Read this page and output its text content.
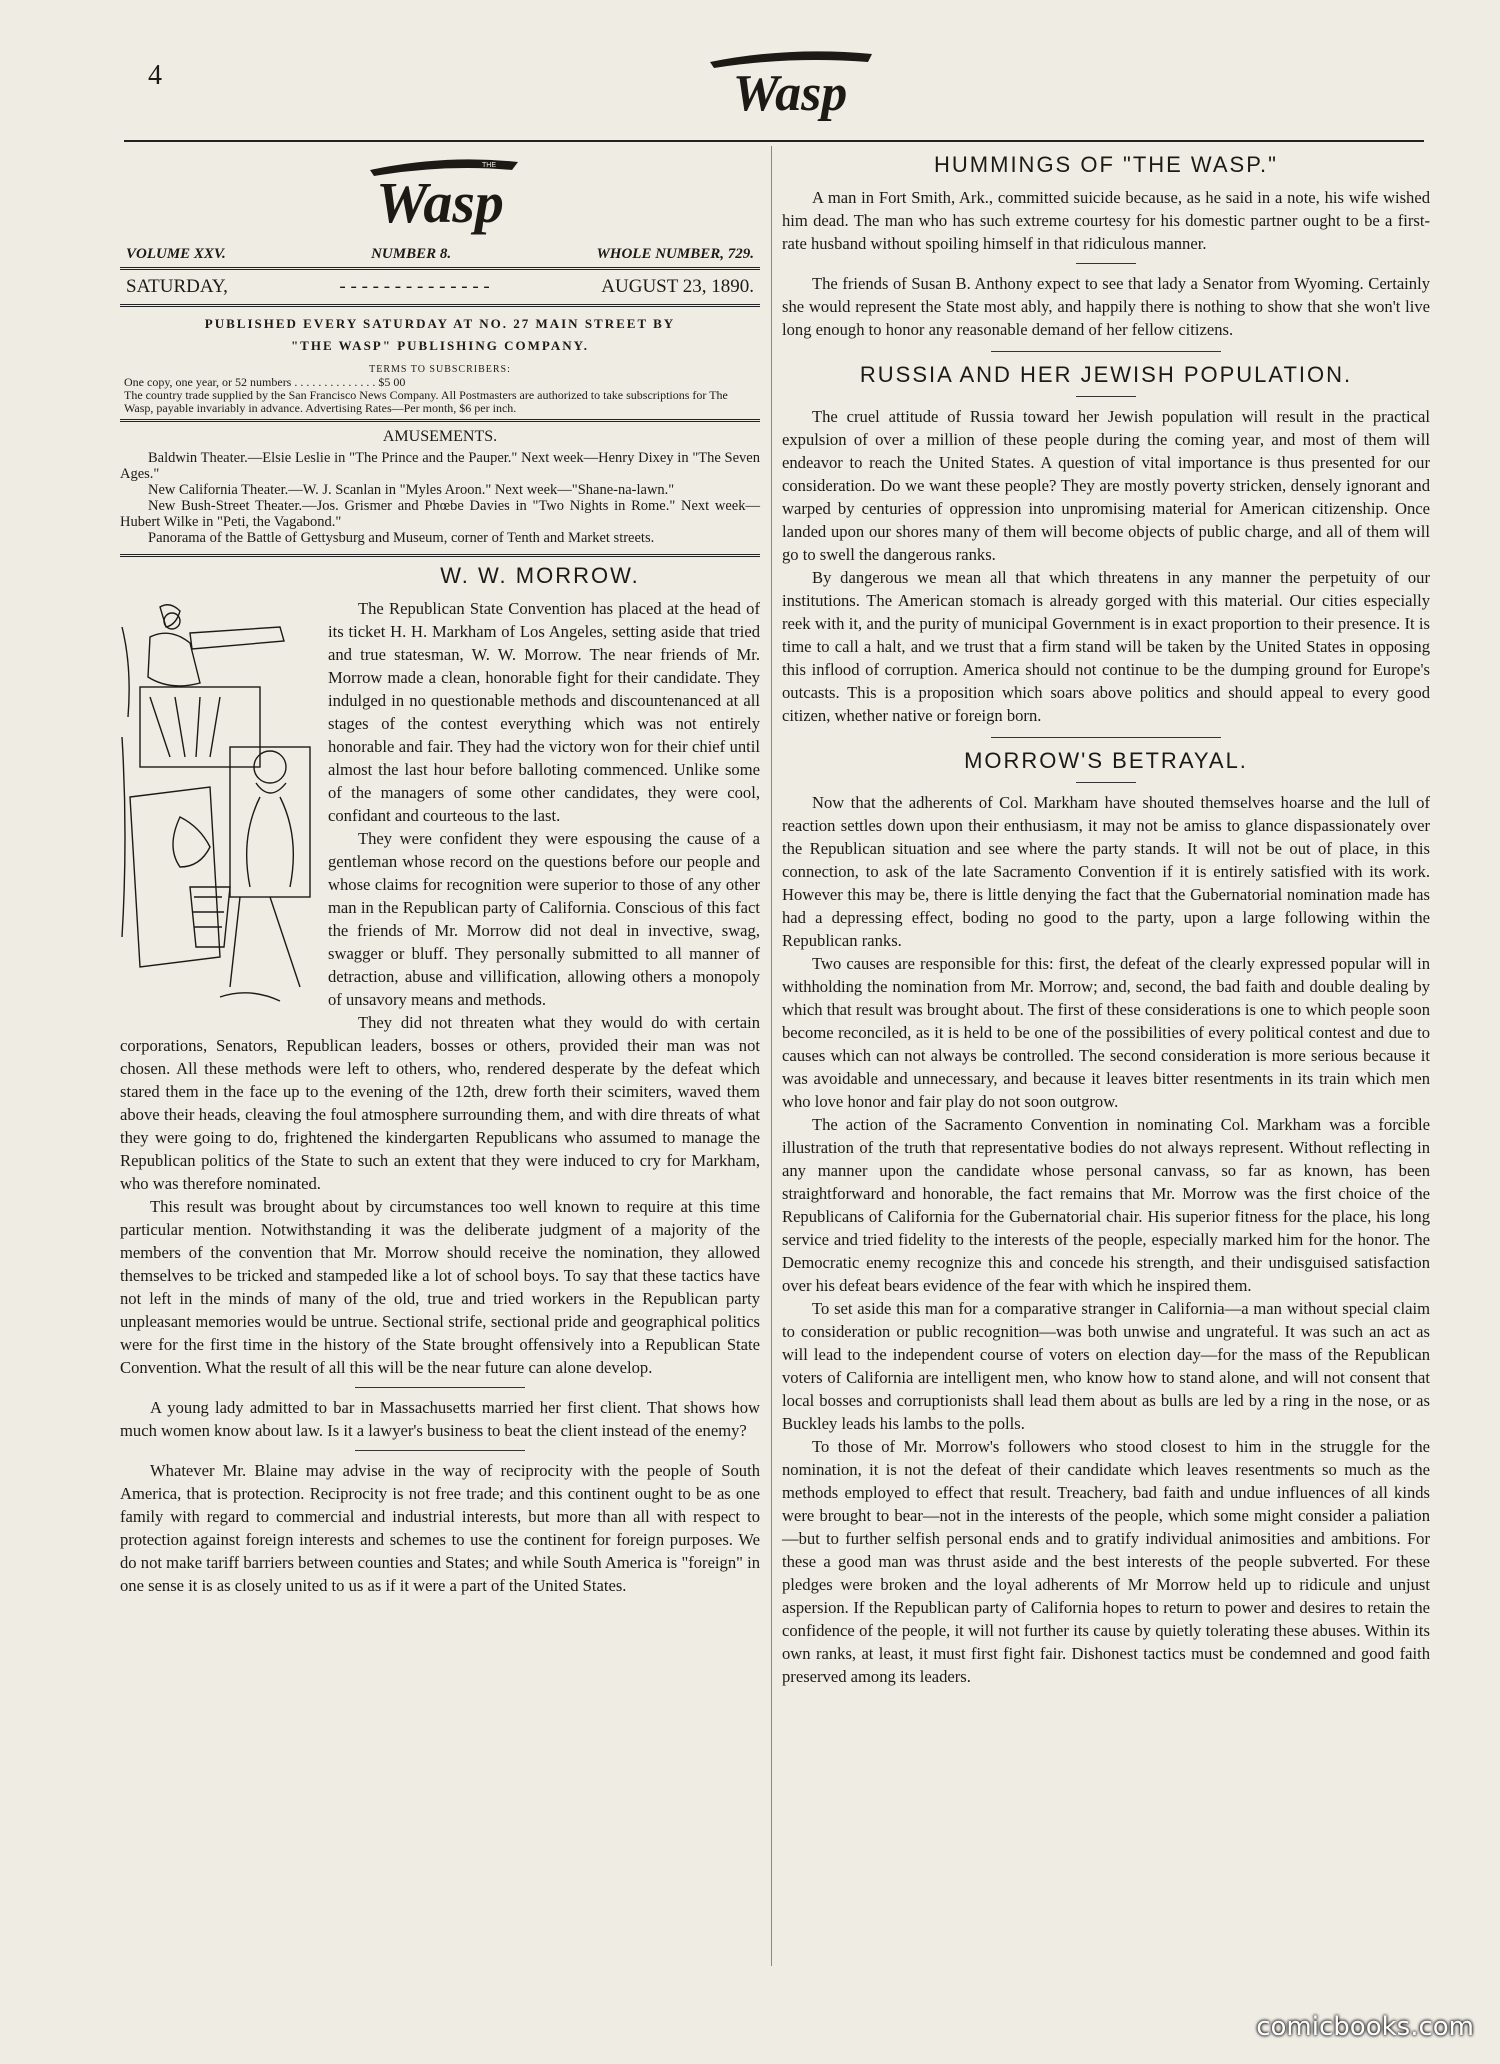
4	Wasp
THE
Wasp
VOLUME XXV.	NUMBER 8.	WHOLE NUMBER, 729.
SATURDAY,	- - - - - - - - - - - - - -	AUGUST 23, 1890.
PUBLISHED EVERY SATURDAY AT NO. 27 MAIN STREET BY
"THE WASP" PUBLISHING COMPANY.
TERMS TO SUBSCRIBERS:
One copy, one year, or 52 numbers . . . . . . . . . . . . . . $5 00
The country trade supplied by the San Francisco News Company. All Postmasters are authorized to take subscriptions for The Wasp, payable invariably in advance. Advertising Rates—Per month, $6 per inch.
AMUSEMENTS.

Baldwin Theater.—Elsie Leslie in "The Prince and the Pauper." Next week—Henry Dixey in "The Seven Ages."

New California Theater.—W. J. Scanlan in "Myles Aroon." Next week—"Shane-na-lawn."

New Bush-Street Theater.—Jos. Grismer and Phœbe Davies in "Two Nights in Rome." Next week—Hubert Wilke in "Peti, the Vagabond."

Panorama of the Battle of Gettysburg and Museum, corner of Tenth and Market streets.

W. W. MORROW.

The Republican State Convention has placed at the head of its ticket H. H. Markham of Los Angeles, setting aside that tried and true statesman, W. W. Morrow. The near friends of Mr. Morrow made a clean, honorable fight for their candidate. They indulged in no questionable methods and discountenanced at all stages of the contest everything which was not entirely honorable and fair. They had the victory won for their chief until almost the last hour before balloting commenced. Unlike some of the managers of some other candidates, they were cool, confidant and courteous to the last.

They were confident they were espousing the cause of a gentleman whose record on the questions before our people and whose claims for recognition were superior to those of any other man in the Republican party of California. Conscious of this fact the friends of Mr. Morrow did not deal in invective, swag, swagger or bluff. They personally submitted to all manner of detraction, abuse and villification, allowing others a monopoly of unsavory means and methods.

They did not threaten what they would do with certain corporations, Senators, Republican leaders, bosses or others, provided their man was not chosen. All these methods were left to others, who, rendered desperate by the defeat which stared them in the face up to the evening of the 12th, drew forth their scimiters, waved them above their heads, cleaving the foul atmosphere surrounding them, and with dire threats of what they were going to do, frightened the kindergarten Republicans who assumed to manage the Republican politics of the State to such an extent that they were induced to cry for Markham, who was therefore nominated.

This result was brought about by circumstances too well known to require at this time particular mention. Notwithstanding it was the deliberate judgment of a majority of the members of the convention that Mr. Morrow should receive the nomination, they allowed themselves to be tricked and stampeded like a lot of school boys. To say that these tactics have not left in the minds of many of the old, true and tried workers in the Republican party unpleasant memories would be untrue. Sectional strife, sectional pride and geographical politics were for the first time in the history of the State brought offensively into a Republican State Convention. What the result of all this will be the near future can alone develop.

A young lady admitted to bar in Massachusetts married her first client. That shows how much women know about law. Is it a lawyer's business to beat the client instead of the enemy?

Whatever Mr. Blaine may advise in the way of reciprocity with the people of South America, that is protection. Reciprocity is not free trade; and this continent ought to be as one family with regard to commercial and industrial interests, but more than all with respect to protection against foreign interests and schemes to use the continent for foreign purposes. We do not make tariff barriers between counties and States; and while South America is "foreign" in one sense it is as closely united to us as if it were a part of the United States.

HUMMINGS OF "THE WASP."

A man in Fort Smith, Ark., committed suicide because, as he said in a note, his wife wished him dead. The man who has such extreme courtesy for his domestic partner ought to be a first-rate husband without spoiling himself in that ridiculous manner.

The friends of Susan B. Anthony expect to see that lady a Senator from Wyoming. Certainly she would represent the State most ably, and happily there is nothing to show that she won't live long enough to honor any reasonable demand of her fellow citizens.

RUSSIA AND HER JEWISH POPULATION.

The cruel attitude of Russia toward her Jewish population will result in the practical expulsion of over a million of these people during the coming year, and most of them will endeavor to reach the United States. A question of vital importance is thus presented for our consideration. Do we want these people? They are mostly poverty stricken, densely ignorant and warped by centuries of oppression into unpromising material for American citizenship. Once landed upon our shores many of them will become objects of public charge, and all of them will go to swell the dangerous ranks.

By dangerous we mean all that which threatens in any manner the perpetuity of our institutions. The American stomach is already gorged with this material. Our cities especially reek with it, and the purity of municipal Government is in exact proportion to their presence. It is time to call a halt, and we trust that a firm stand will be taken by the United States in opposing this inflood of corruption. America should not continue to be the dumping ground for Europe's outcasts. This is a proposition which soars above politics and should appeal to every good citizen, whether native or foreign born.

MORROW'S BETRAYAL.

Now that the adherents of Col. Markham have shouted themselves hoarse and the lull of reaction settles down upon their enthusiasm, it may not be amiss to glance dispassionately over the Republican situation and see where the party stands. It will not be out of place, in this connection, to ask of the late Sacramento Convention if it is entirely satisfied with its work. However this may be, there is little denying the fact that the Gubernatorial nomination made has had a depressing effect, boding no good to the party, upon a large following within the Republican ranks.

Two causes are responsible for this: first, the defeat of the clearly expressed popular will in withholding the nomination from Mr. Morrow; and, second, the bad faith and double dealing by which that result was brought about. The first of these considerations is one to which people soon become reconciled, as it is held to be one of the possibilities of every political contest and due to causes which can not always be controlled. The second consideration is more serious because it was avoidable and unnecessary, and because it leaves bitter resentments in its train which men who love honor and fair play do not soon outgrow.

The action of the Sacramento Convention in nominating Col. Markham was a forcible illustration of the truth that representative bodies do not always represent. Without reflecting in any manner upon the candidate whose personal canvass, so far as known, has been straightforward and honorable, the fact remains that Mr. Morrow was the first choice of the Republicans of California for the Gubernatorial chair. His superior fitness for the place, his long service and tried fidelity to the interests of the people, especially marked him for the honor. The Democratic enemy recognize this and concede his strength, and their undisguised satisfaction over his defeat bears evidence of the fear with which he inspired them.

To set aside this man for a comparative stranger in California—a man without special claim to consideration or public recognition—was both unwise and ungrateful. It was such an act as will lead to the independent course of voters on election day—for the mass of the Republican voters of California are intelligent men, who know how to stand alone, and will not consent that local bosses and corruptionists shall lead them about as bulls are led by a ring in the nose, or as Buckley leads his lambs to the polls.

To those of Mr. Morrow's followers who stood closest to him in the struggle for the nomination, it is not the defeat of their candidate which leaves resentments so much as the methods employed to effect that result. Treachery, bad faith and undue influences of all kinds were brought to bear—not in the interests of the people, which some might consider a paliation—but to further selfish personal ends and to gratify individual animosities and ambitions. For these a good man was thrust aside and the best interests of the people subverted. For these pledges were broken and the loyal adherents of Mr Morrow held up to ridicule and unjust aspersion. If the Republican party of California hopes to return to power and desires to retain the confidence of the people, it will not further its cause by quietly tolerating these abuses. Within its own ranks, at least, it must first fight fair. Dishonest tactics must be condemned and good faith preserved among its leaders.

comicbooks.com
